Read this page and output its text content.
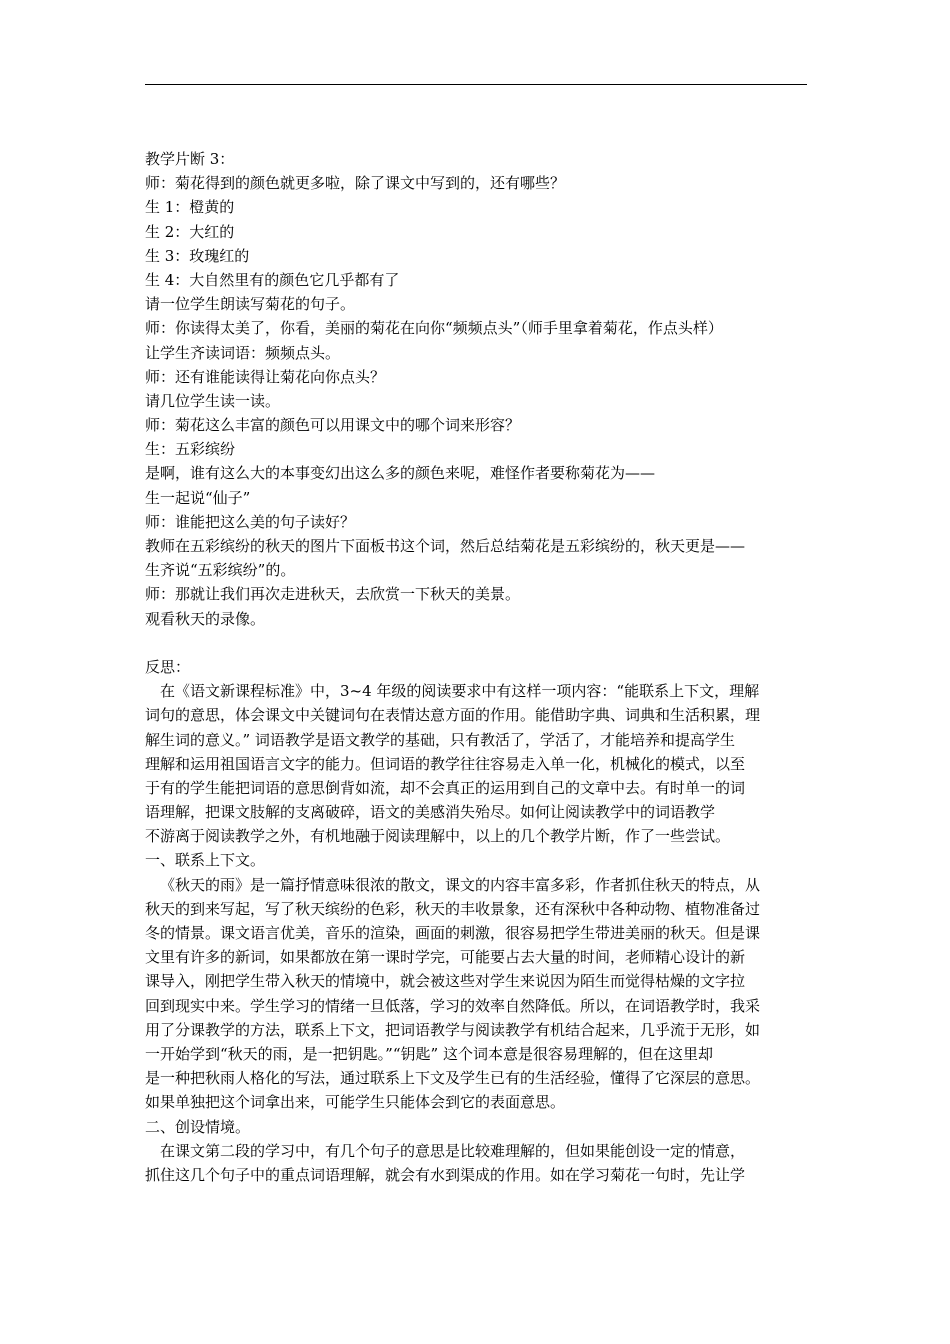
教学片断 3：
师：菊花得到的颜色就更多啦，除了课文中写到的，还有哪些？
生 1：橙黄的
生 2：大红的
生 3：玫瑰红的
生 4：大自然里有的颜色它几乎都有了
请一位学生朗读写菊花的句子。
师：你读得太美了，你看，美丽的菊花在向你“频频点头”（师手里拿着菊花，作点头样）
让学生齐读词语：频频点头。
师：还有谁能读得让菊花向你点头？
请几位学生读一读。
师：菊花这么丰富的颜色可以用课文中的哪个词来形容？
生：五彩缤纷
是啊，谁有这么大的本事变幻出这么多的颜色来呢，难怪作者要称菊花为——
生一起说“仙子”
师：谁能把这么美的句子读好？
教师在五彩缤纷的秋天的图片下面板书这个词，然后总结菊花是五彩缤纷的，秋天更是——
生齐说“五彩缤纷”的。
师：那就让我们再次走进秋天，去欣赏一下秋天的美景。
观看秋天的录像。
反思：
在《语文新课程标准》中，3~4 年级的阅读要求中有这样一项内容：“能联系上下文，理解
词句的意思，体会课文中关键词句在表情达意方面的作用。能借助字典、词典和生活积累，理
解生词的意义。” 词语教学是语文教学的基础，只有教活了，学活了，才能培养和提高学生
理解和运用祖国语言文字的能力。但词语的教学往往容易走入单一化，机械化的模式，以至
于有的学生能把词语的意思倒背如流，却不会真正的运用到自己的文章中去。有时单一的词
语理解，把课文肢解的支离破碎，语文的美感消失殆尽。如何让阅读教学中的词语教学
不游离于阅读教学之外，有机地融于阅读理解中，以上的几个教学片断，作了一些尝试。
一、联系上下文。
《秋天的雨》是一篇抒情意味很浓的散文，课文的内容丰富多彩，作者抓住秋天的特点，从
秋天的到来写起，写了秋天缤纷的色彩，秋天的丰收景象，还有深秋中各种动物、植物准备过
冬的情景。课文语言优美，音乐的渲染，画面的刺激，很容易把学生带进美丽的秋天。但是课
文里有许多的新词，如果都放在第一课时学完，可能要占去大量的时间，老师精心设计的新
课导入，刚把学生带入秋天的情境中，就会被这些对学生来说因为陌生而觉得枯燥的文字拉
回到现实中来。学生学习的情绪一旦低落，学习的效率自然降低。所以，在词语教学时，我采
用了分课教学的方法，联系上下文，把词语教学与阅读教学有机结合起来，几乎流于无形，如
一开始学到“秋天的雨，是一把钥匙。”“钥匙” 这个词本意是很容易理解的，但在这里却
是一种把秋雨人格化的写法，通过联系上下文及学生已有的生活经验，懂得了它深层的意思。
如果单独把这个词拿出来，可能学生只能体会到它的表面意思。
二、创设情境。
在课文第二段的学习中，有几个句子的意思是比较难理解的，但如果能创设一定的情意，
抓住这几个句子中的重点词语理解，就会有水到渠成的作用。如在学习菊花一句时，先让学
